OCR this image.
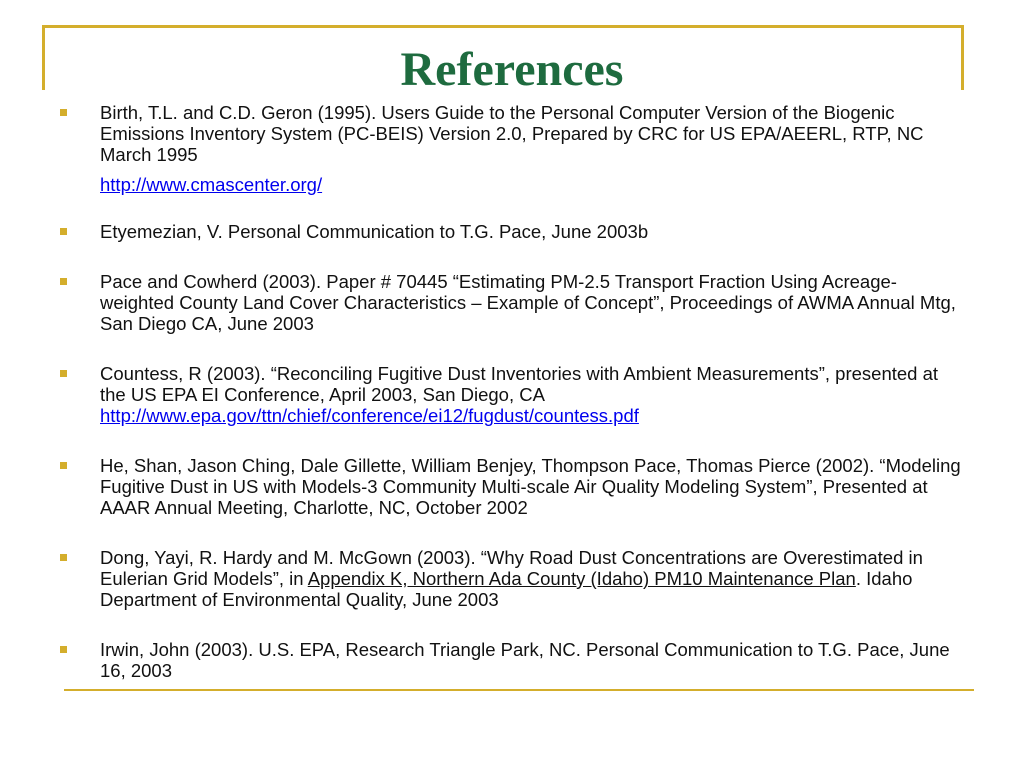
References
Birth, T.L. and C.D. Geron (1995). Users Guide to the Personal Computer Version of the Biogenic Emissions Inventory System (PC-BEIS) Version 2.0, Prepared by CRC for US EPA/AEERL, RTP, NC March 1995
http://www.cmascenter.org/
Etyemezian, V. Personal Communication to T.G. Pace, June 2003b
Pace and Cowherd (2003). Paper # 70445 “Estimating PM-2.5 Transport Fraction Using Acreage-weighted County Land Cover Characteristics – Example of Concept”, Proceedings of AWMA Annual Mtg, San Diego CA, June 2003
Countess, R (2003). “Reconciling Fugitive Dust Inventories with Ambient Measurements”, presented at the US EPA EI Conference, April 2003, San Diego, CA http://www.epa.gov/ttn/chief/conference/ei12/fugdust/countess.pdf
He, Shan, Jason Ching, Dale Gillette, William Benjey, Thompson Pace, Thomas Pierce (2002). “Modeling Fugitive Dust in US with Models-3 Community Multi-scale Air Quality Modeling System”, Presented at AAAR Annual Meeting, Charlotte, NC, October 2002
Dong, Yayi, R. Hardy and M. McGown (2003). “Why Road Dust Concentrations are Overestimated in Eulerian Grid Models”, in Appendix K, Northern Ada County (Idaho) PM10 Maintenance Plan. Idaho Department of Environmental Quality, June 2003
Irwin, John (2003). U.S. EPA, Research Triangle Park, NC. Personal Communication to T.G. Pace, June 16, 2003
